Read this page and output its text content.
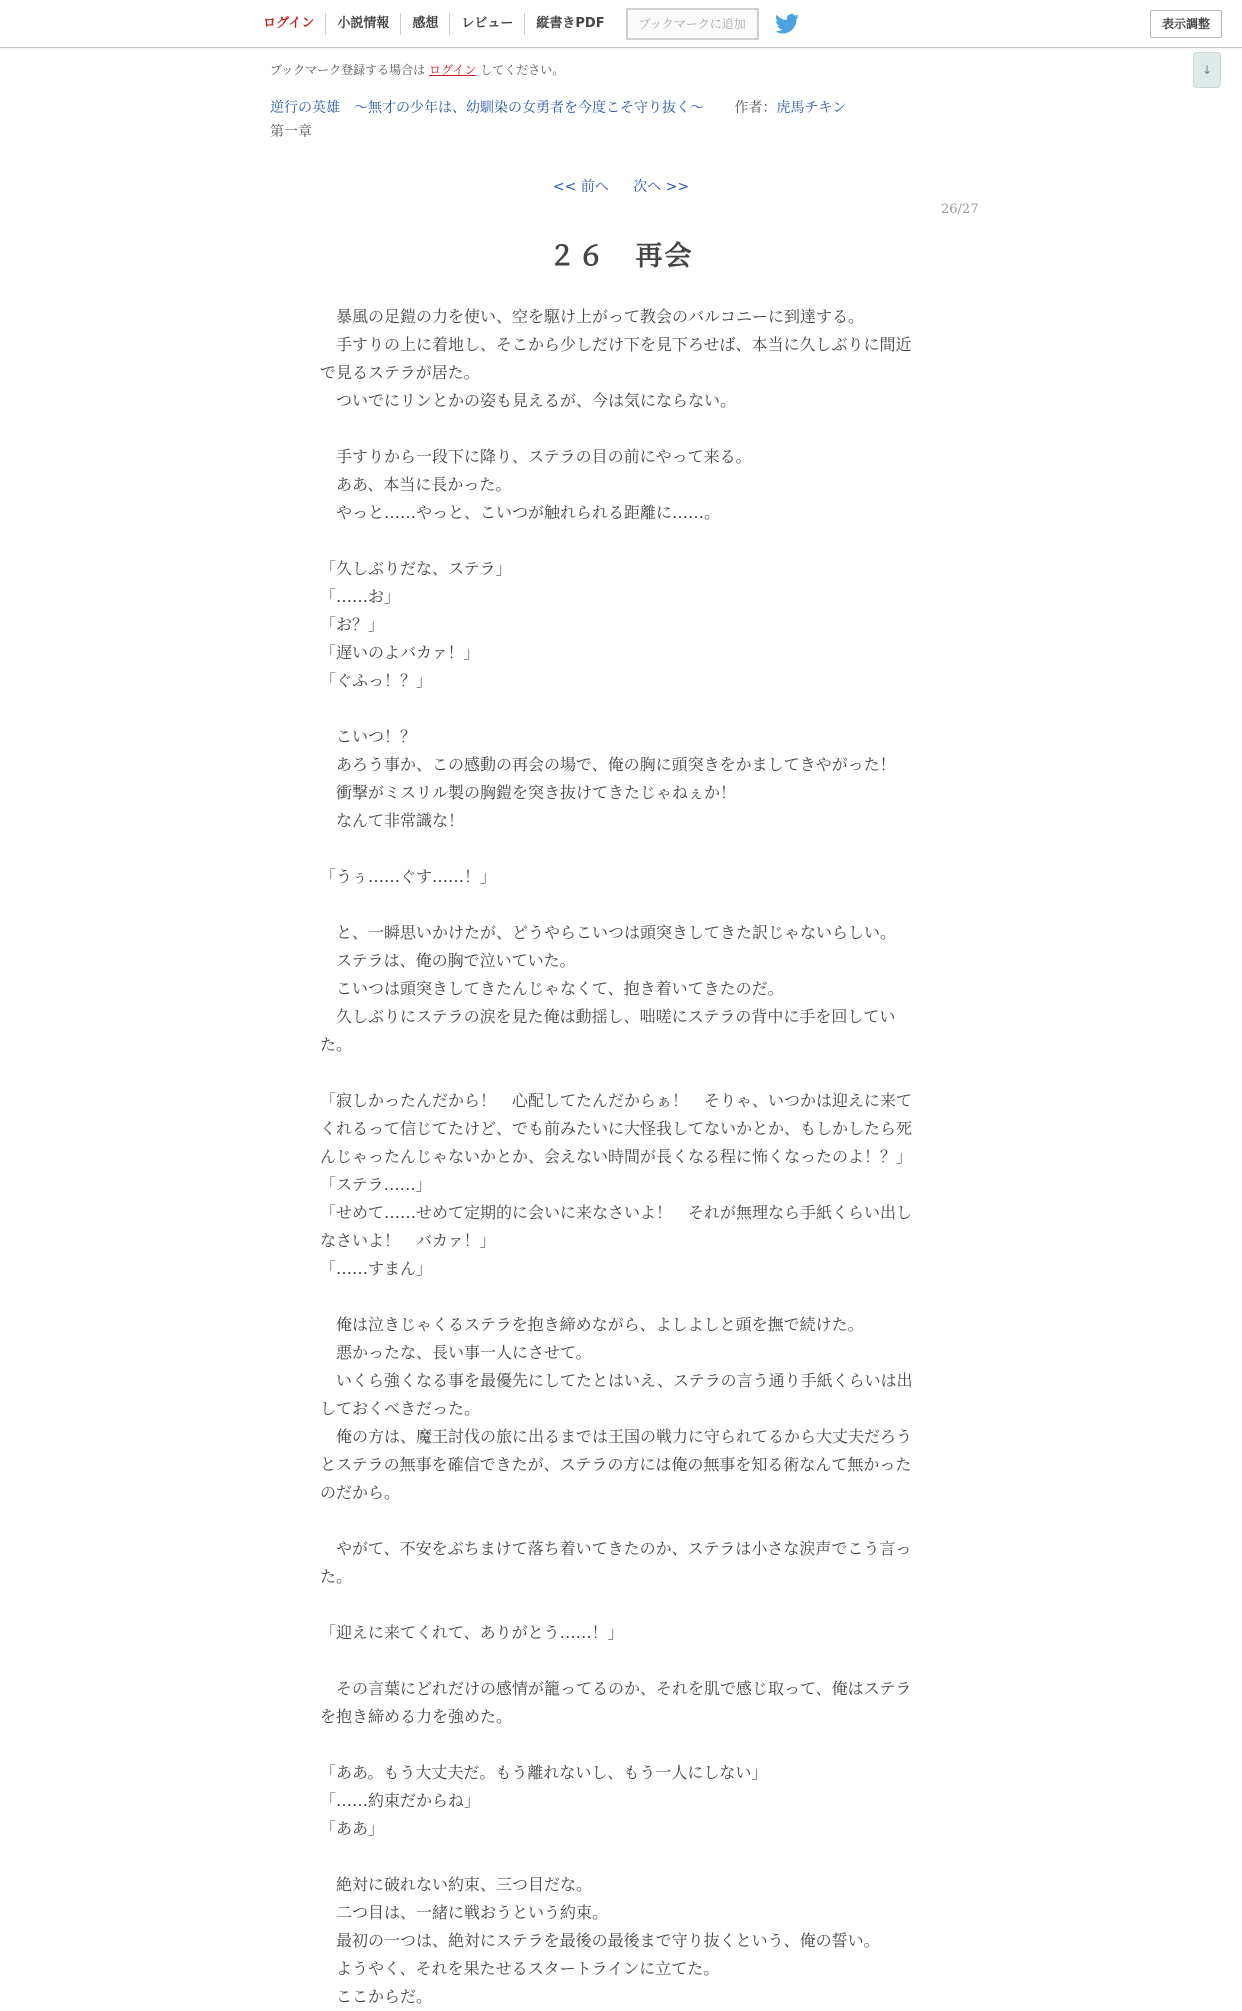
ログイン	小説情報	感想	レビュー	縦書きPDF	ブックマークに追加	表示調整
↓
ブックマーク登録する場合は ログイン してください。
逆行の英雄　～無才の少年は、幼馴染の女勇者を今度こそ守り抜く～ 作者：虎馬チキン
第一章
<< 前へ 次へ >>
26/27
２６　再会

　暴風の足鎧の力を使い、空を駆け上がって教会のバルコニーに到達する。

　手すりの上に着地し、そこから少しだけ下を見下ろせば、本当に久しぶりに間近

で見るステラが居た。

　ついでにリンとかの姿も見えるが、今は気にならない。

　手すりから一段下に降り、ステラの目の前にやって来る。

　ああ、本当に長かった。

　やっと……やっと、こいつが触れられる距離に……。

「久しぶりだな、ステラ」

「……お」

「お？」

「遅いのよバカァ！」

「ぐふっ！？」

　こいつ！？

　あろう事か、この感動の再会の場で、俺の胸に頭突きをかましてきやがった！

　衝撃がミスリル製の胸鎧を突き抜けてきたじゃねぇか！

　なんて非常識な！

「うぅ……ぐす……！」

　と、一瞬思いかけたが、どうやらこいつは頭突きしてきた訳じゃないらしい。

　ステラは、俺の胸で泣いていた。

　こいつは頭突きしてきたんじゃなくて、抱き着いてきたのだ。

　久しぶりにステラの涙を見た俺は動揺し、咄嗟にステラの背中に手を回してい

た。

「寂しかったんだから！　心配してたんだからぁ！　そりゃ、いつかは迎えに来て

くれるって信じてたけど、でも前みたいに大怪我してないかとか、もしかしたら死

んじゃったんじゃないかとか、会えない時間が長くなる程に怖くなったのよ！？」

「ステラ……」

「せめて……せめて定期的に会いに来なさいよ！　それが無理なら手紙くらい出し

なさいよ！　バカァ！」

「……すまん」

　俺は泣きじゃくるステラを抱き締めながら、よしよしと頭を撫で続けた。

　悪かったな、長い事一人にさせて。

　いくら強くなる事を最優先にしてたとはいえ、ステラの言う通り手紙くらいは出

しておくべきだった。

　俺の方は、魔王討伐の旅に出るまでは王国の戦力に守られてるから大丈夫だろう

とステラの無事を確信できたが、ステラの方には俺の無事を知る術なんて無かった

のだから。

　やがて、不安をぶちまけて落ち着いてきたのか、ステラは小さな涙声でこう言っ

た。

「迎えに来てくれて、ありがとう……！」

　その言葉にどれだけの感情が籠ってるのか、それを肌で感じ取って、俺はステラ

を抱き締める力を強めた。

「ああ。もう大丈夫だ。もう離れないし、もう一人にしない」

「……約束だからね」

「ああ」

　絶対に破れない約束、三つ目だな。

　二つ目は、一緒に戦おうという約束。

　最初の一つは、絶対にステラを最後の最後まで守り抜くという、俺の誓い。

　ようやく、それを果たせるスタートラインに立てた。

　ここからだ。
